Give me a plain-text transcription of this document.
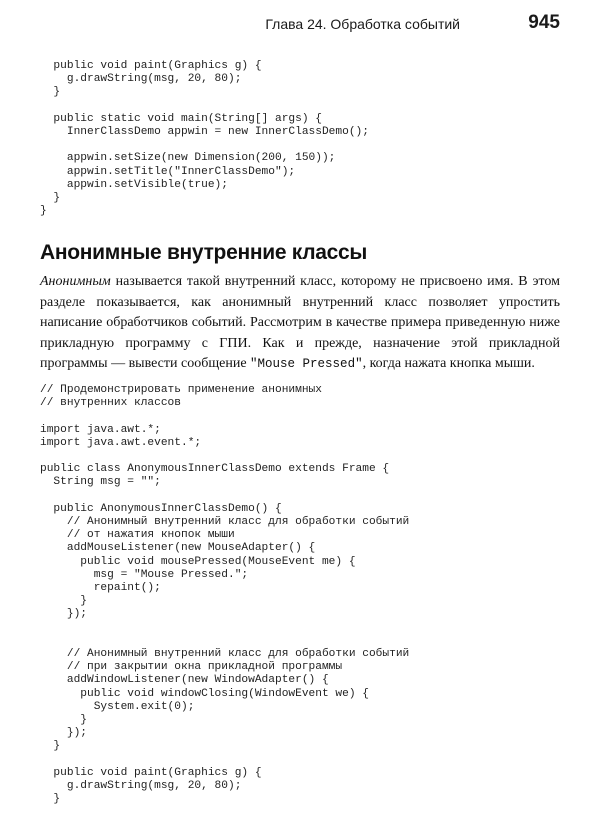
Глава 24. Обработка событий	945
public void paint(Graphics g) {
g.drawString(msg, 20, 80);
}

public static void main(String[] args) {
InnerClassDemo appwin = new InnerClassDemo();

appwin.setSize(new Dimension(200, 150));
appwin.setTitle("InnerClassDemo");
appwin.setVisible(true);
}
}
Анонимные внутренние классы

Анонимным называется такой внутренний класс, которому не присвоено имя. В этом разделе показывается, как анонимный внутренний класс позволяет упростить написание обработчиков событий. Рассмотрим в качестве примера приведенную ниже прикладную программу с ГПИ. Как и прежде, назначение этой прикладной программы — вывести сообщение "Mouse Pressed", когда нажата кнопка мыши.

// Продемонстрировать применение анонимных
// внутренних классов

import java.awt.*;
import java.awt.event.*;

public class AnonymousInnerClassDemo extends Frame {
String msg = "";

public AnonymousInnerClassDemo() {
// Анонимный внутренний класс для обработки событий
// от нажатия кнопок мыши
addMouseListener(new MouseAdapter() {
public void mousePressed(MouseEvent me) {
msg = "Mouse Pressed.";
repaint();
}
});

// Анонимный внутренний класс для обработки событий
// при закрытии окна прикладной программы
addWindowListener(new WindowAdapter() {
public void windowClosing(WindowEvent we) {
System.exit(0);
}
});
}

public void paint(Graphics g) {
g.drawString(msg, 20, 80);
}
